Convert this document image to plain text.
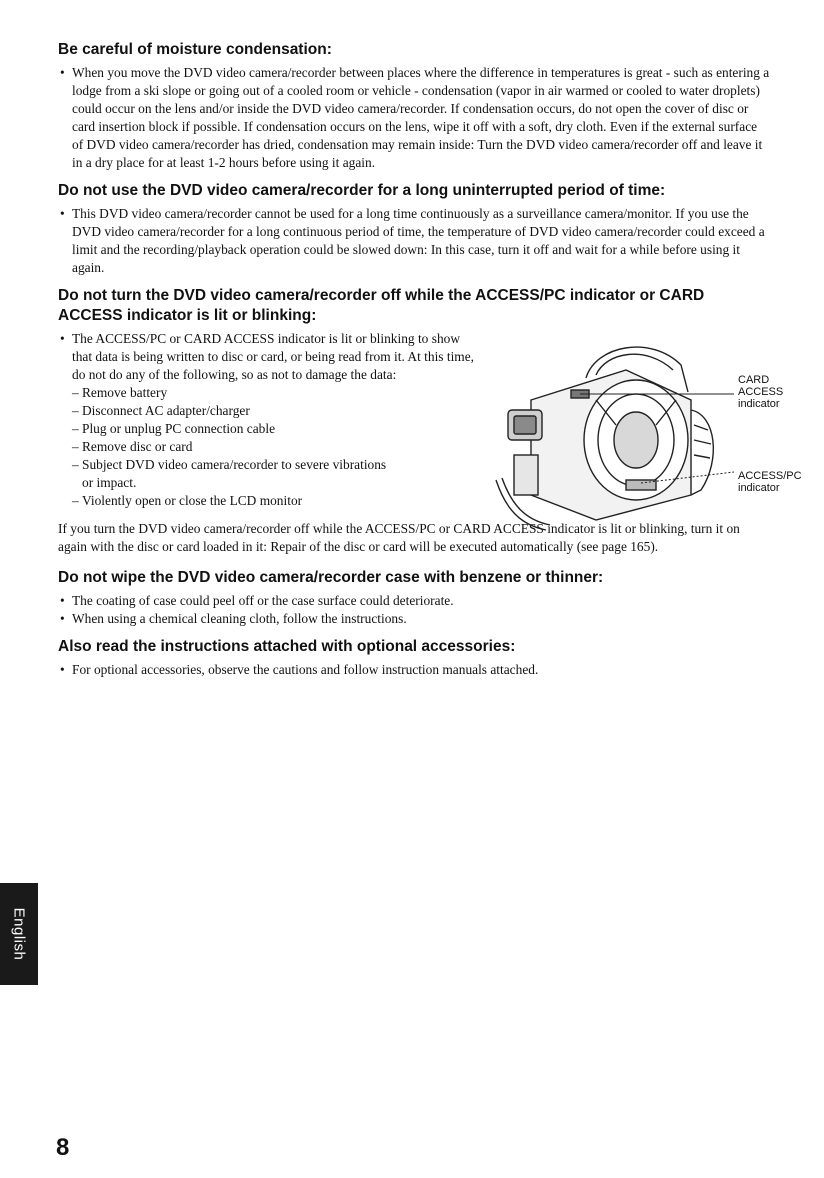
Be careful of moisture condensation:

• When you move the DVD video camera/recorder between places where the difference in temperatures is great - such as entering a lodge from a ski slope or going out of a cooled room or vehicle - condensation (vapor in air warmed or cooled to water droplets) could occur on the lens and/or inside the DVD video camera/recorder. If condensation occurs, do not open the cover of disc or card insertion block if possible. If condensation occurs on the lens, wipe it off with a soft, dry cloth. Even if the external surface of DVD video camera/recorder has dried, condensation may remain inside: Turn the DVD video camera/recorder off and leave it in a dry place for at least 1-2 hours before using it again.

Do not use the DVD video camera/recorder for a long uninterrupted period of time:

• This DVD video camera/recorder cannot be used for a long time continuously as a surveillance camera/monitor. If you use the DVD video camera/recorder for a long continuous period of time, the temperature of DVD video camera/recorder could exceed a limit and the recording/playback operation could be slowed down: In this case, turn it off and wait for a while before using it again.

Do not turn the DVD video camera/recorder off while the ACCESS/PC indicator or CARD ACCESS indicator is lit or blinking:

• The ACCESS/PC or CARD ACCESS indicator is lit or blinking to show that data is being written to disc or card, or being read from it. At this time, do not do any of the following, so as not to damage the data:

– Remove battery
– Disconnect AC adapter/charger
– Plug or unplug PC connection cable
– Remove disc or card
– Subject DVD video camera/recorder to severe vibrations
or impact.
– Violently open or close the LCD monitor
CARD
ACCESS
indicator
ACCESS/PC
indicator

If you turn the DVD video camera/recorder off while the ACCESS/PC or CARD ACCESS indicator is lit or blinking, turn it on again with the disc or card loaded in it: Repair of the disc or card will be executed automatically (see page 165).

Do not wipe the DVD video camera/recorder case with benzene or thinner:

• The coating of case could peel off or the case surface could deteriorate.

• When using a chemical cleaning cloth, follow the instructions.

Also read the instructions attached with optional accessories:

• For optional accessories, observe the cautions and follow instruction manuals attached.

English
8
